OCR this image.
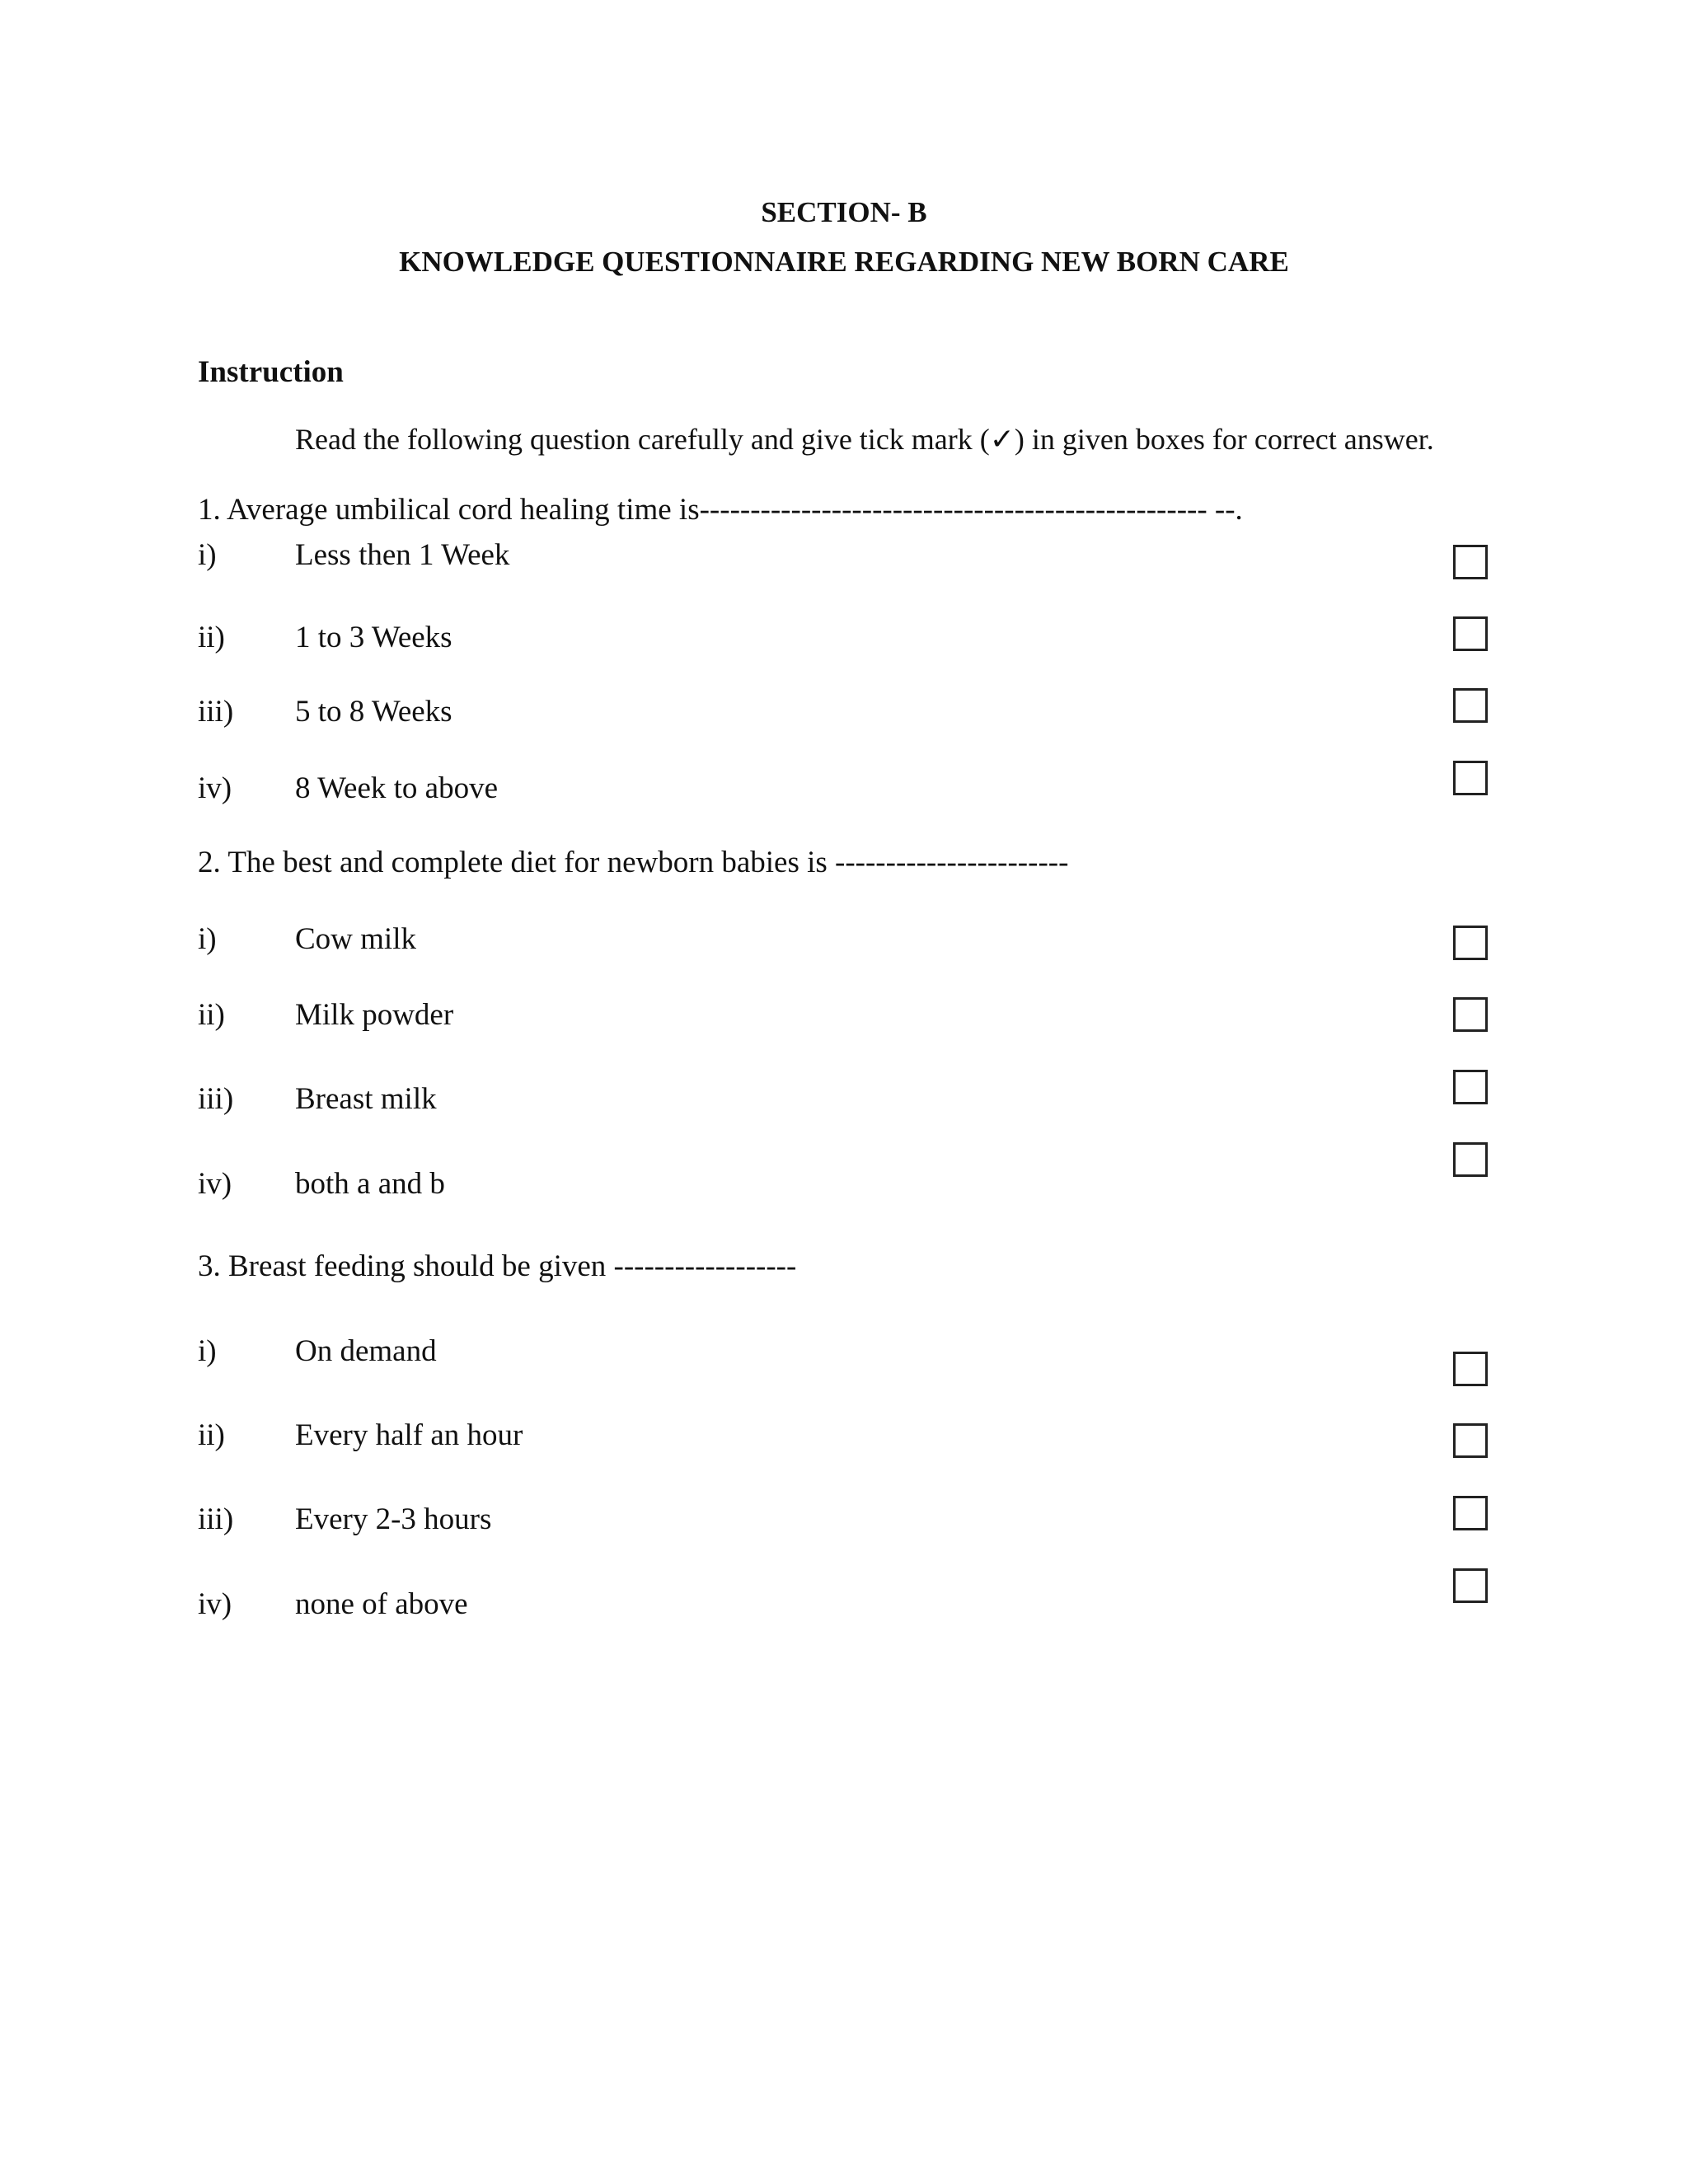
SECTION- B
KNOWLEDGE QUESTIONNAIRE REGARDING NEW BORN CARE
Instruction
Read the following question carefully and give tick mark (✓) in given boxes for correct answer.
1. Average umbilical cord healing time is-------------------------------------------------- --.
i)	Less then 1 Week
ii) 1 to 3 Weeks
iii) 5 to 8 Weeks
iv) 8 Week to above
2. The best and complete diet for newborn babies is -----------------------
i)	Cow milk
ii) Milk powder
iii) Breast milk
iv) both a and b
3. Breast feeding should be given ------------------
i)	On demand
ii) Every half an hour
iii) Every 2-3 hours
iv) none of above
